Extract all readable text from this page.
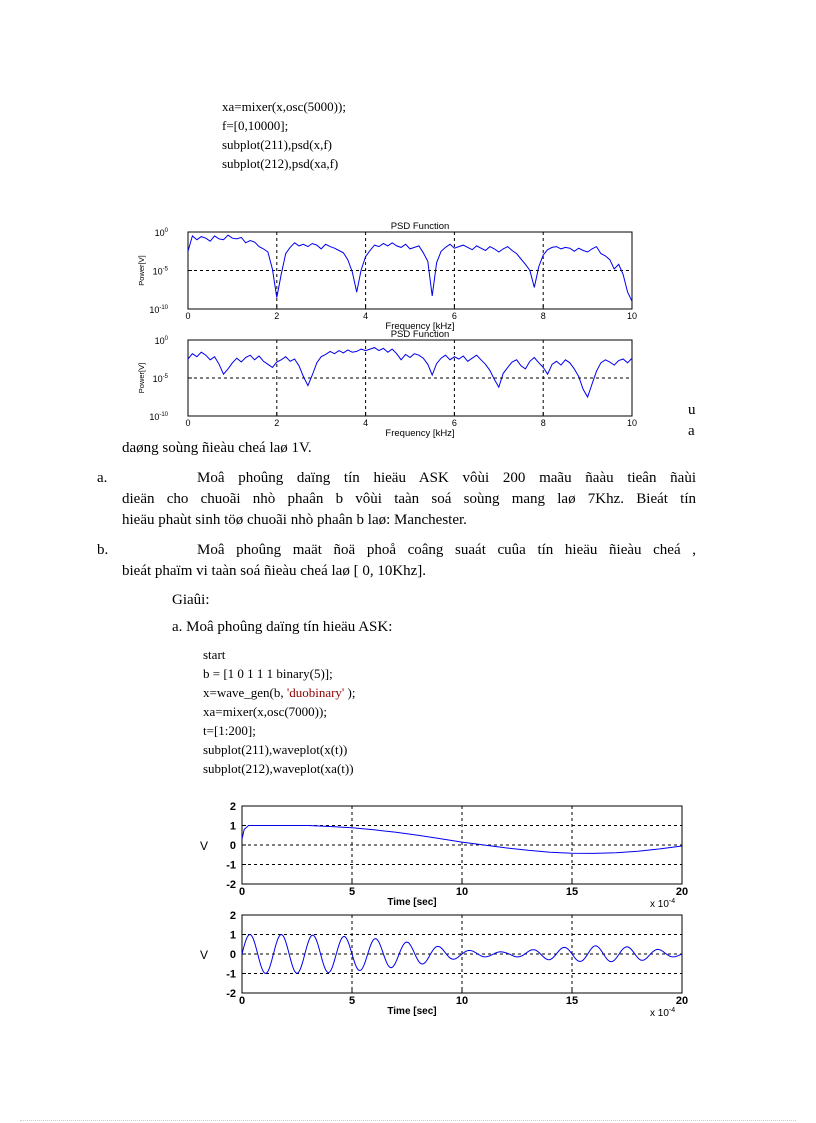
xa=mixer(x,osc(5000));
f=[0,10000];
subplot(211),psd(x,f)
subplot(212),psd(xa,f)
PSD Function
0	2	4	6	8	10
$10^0$
$10^{-5}$
$10^{-10}$
Power[V]
Frequency [kHz]
PSD Function
0	2	4	6	8	10
$10^0$
$10^{-5}$
$10^{-10}$
Power[V]
Frequency [kHz]
u
a
daøng soùng ñieàu cheá laø 1V.
a.	Moâ phoûng daïng tín hieäu ASK vôùi 200 maãu ñaàu tieân ñaùi
dieän cho chuoãi nhò phaân b vôùi taàn soá soùng mang laø 7Khz. Bieát tín
hieäu phaùt sinh töø chuoãi nhò phaân b laø: Manchester.
b.	Moâ phoûng maät ñoä phoå coâng suaát cuûa tín hieäu ñieàu cheá ,
bieát phaïm vi taàn soá ñieàu cheá laø [ 0, 10Khz].
Giaûi:
a. Moâ phoûng daïng tín hieäu ASK:
start
b = [1 0 1 1 1 binary(5)];
x=wave_gen(b, 'duobinary' );
xa=mixer(x,osc(7000));
t=[1:200];
subplot(211),waveplot(x(t))
subplot(212),waveplot(xa(t))
0	5	10	15	20
2
1
0
-1
-2
V
Time [sec]	x $10^{-4}$
0	5	10	15	20
2
1
0
-1
-2
V
Time [sec]	x $10^{-4}$
